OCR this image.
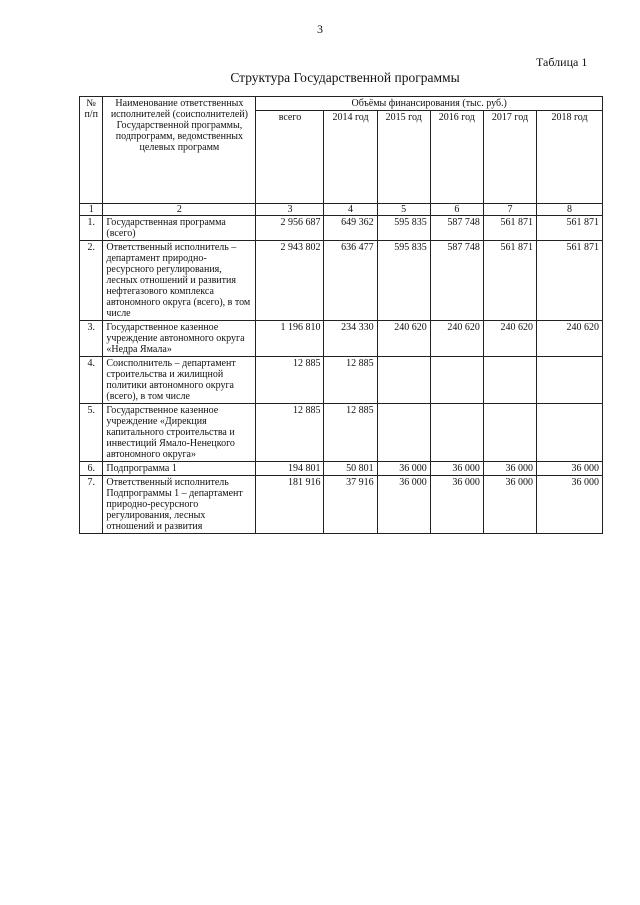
3
Таблица 1
Структура Государственной программы
№ п/п	Наименование ответственных исполнителей (соисполнителей) Государственной программы, подпрограмм, ведомственных целевых программ	Объёмы финансирования (тыс. руб.)					
		всего	2014 год	2015 год	2016 год	2017 год	2018 год
1	2	3	4	5	6	7	8
1.	Государственная программа (всего)	2 956 687	649 362	595 835	587 748	561 871	561 871
2.	Ответственный исполнитель – департамент природно-ресурсного регулирования, лесных отношений и развития нефтегазового комплекса автономного округа (всего), в том числе	2 943 802	636 477	595 835	587 748	561 871	561 871
3.	Государственное казенное учреждение автономного округа «Недра Ямала»	1 196 810	234 330	240 620	240 620	240 620	240 620
4.	Соисполнитель – департамент строительства и жилищной политики автономного округа (всего), в том числе	12 885	12 885				
5.	Государственное казенное учреждение «Дирекция капитального строительства и инвестиций Ямало-Ненецкого автономного округа»	12 885	12 885				
6.	Подпрограмма 1	194 801	50 801	36 000	36 000	36 000	36 000
7.	Ответственный исполнитель Подпрограммы 1 – департамент природно-ресурсного регулирования, лесных отношений и развития	181 916	37 916	36 000	36 000	36 000	36 000
